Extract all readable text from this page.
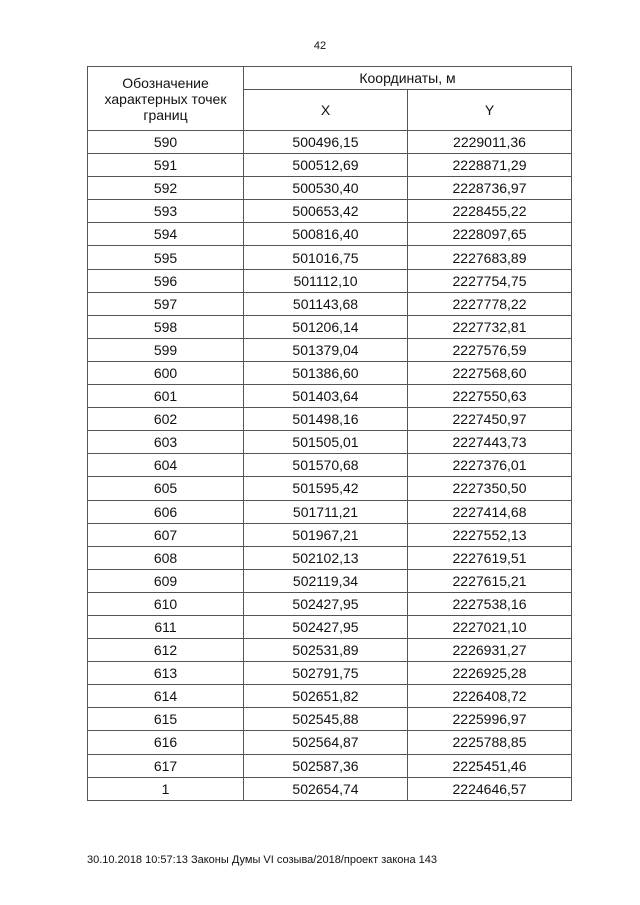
42
Обозначение характерных точек границ	Координаты, м	
	X	Y
590	500496,15	2229011,36
591	500512,69	2228871,29
592	500530,40	2228736,97
593	500653,42	2228455,22
594	500816,40	2228097,65
595	501016,75	2227683,89
596	501112,10	2227754,75
597	501143,68	2227778,22
598	501206,14	2227732,81
599	501379,04	2227576,59
600	501386,60	2227568,60
601	501403,64	2227550,63
602	501498,16	2227450,97
603	501505,01	2227443,73
604	501570,68	2227376,01
605	501595,42	2227350,50
606	501711,21	2227414,68
607	501967,21	2227552,13
608	502102,13	2227619,51
609	502119,34	2227615,21
610	502427,95	2227538,16
611	502427,95	2227021,10
612	502531,89	2226931,27
613	502791,75	2226925,28
614	502651,82	2226408,72
615	502545,88	2225996,97
616	502564,87	2225788,85
617	502587,36	2225451,46
1	502654,74	2224646,57
30.10.2018 10:57:13 Законы Думы VI созыва/2018/проект закона 143
